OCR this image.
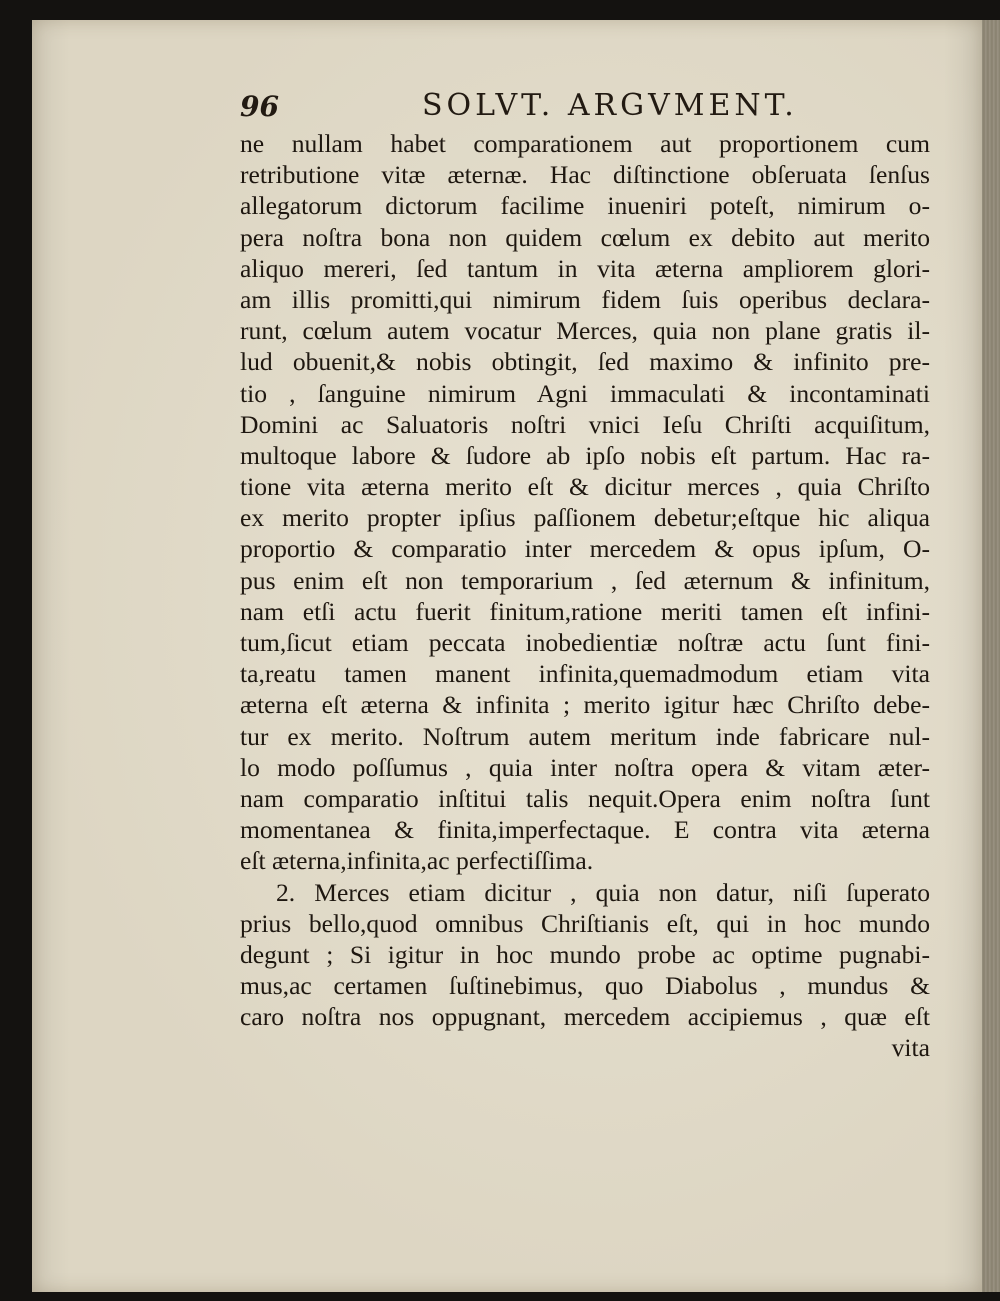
96	SOLVT. ARGVMENT.
ne nullam habet comparationem aut proportionem cum
retributione vitæ æternæ. Hac diſtinctione obſeruata ſenſus
allegatorum dictorum facilime inueniri poteſt, nimirum o-
pera noſtra bona non quidem cœlum ex debito aut merito
aliquo mereri, ſed tantum in vita æterna ampliorem glori-
am illis promitti,qui nimirum fidem ſuis operibus declara-
runt, cœlum autem vocatur Merces, quia non plane gratis il-
lud obuenit,& nobis obtingit, ſed maximo & infinito pre-
tio , ſanguine nimirum Agni immaculati & incontaminati
Domini ac Saluatoris noſtri vnici Ieſu Chriſti acquiſitum,
multoque labore & ſudore ab ipſo nobis eſt partum. Hac ra-
tione vita æterna merito eſt & dicitur merces , quia Chriſto
ex merito propter ipſius paſſionem debetur;eſtque hic aliqua
proportio & comparatio inter mercedem & opus ipſum, O-
pus enim eſt non temporarium , ſed æternum & infinitum,
nam etſi actu fuerit finitum,ratione meriti tamen eſt infini-
tum,ſicut etiam peccata inobedientiæ noſtræ actu ſunt fini-
ta,reatu tamen manent infinita,quemadmodum etiam vita
æterna eſt æterna & infinita ; merito igitur hæc Chriſto debe-
tur ex merito. Noſtrum autem meritum inde fabricare nul-
lo modo poſſumus , quia inter noſtra opera & vitam æter-
nam comparatio inſtitui talis nequit.Opera enim noſtra ſunt
momentanea & finita,imperfectaque. E contra vita æterna
eſt æterna,infinita,ac perfectiſſima.
2. Merces etiam dicitur , quia non datur, niſi ſuperato
prius bello,quod omnibus Chriſtianis eſt, qui in hoc mundo
degunt ; Si igitur in hoc mundo probe ac optime pugnabi-
mus,ac certamen ſuſtinebimus, quo Diabolus , mundus &
caro noſtra nos oppugnant, mercedem accipiemus , quæ eſt
vita
